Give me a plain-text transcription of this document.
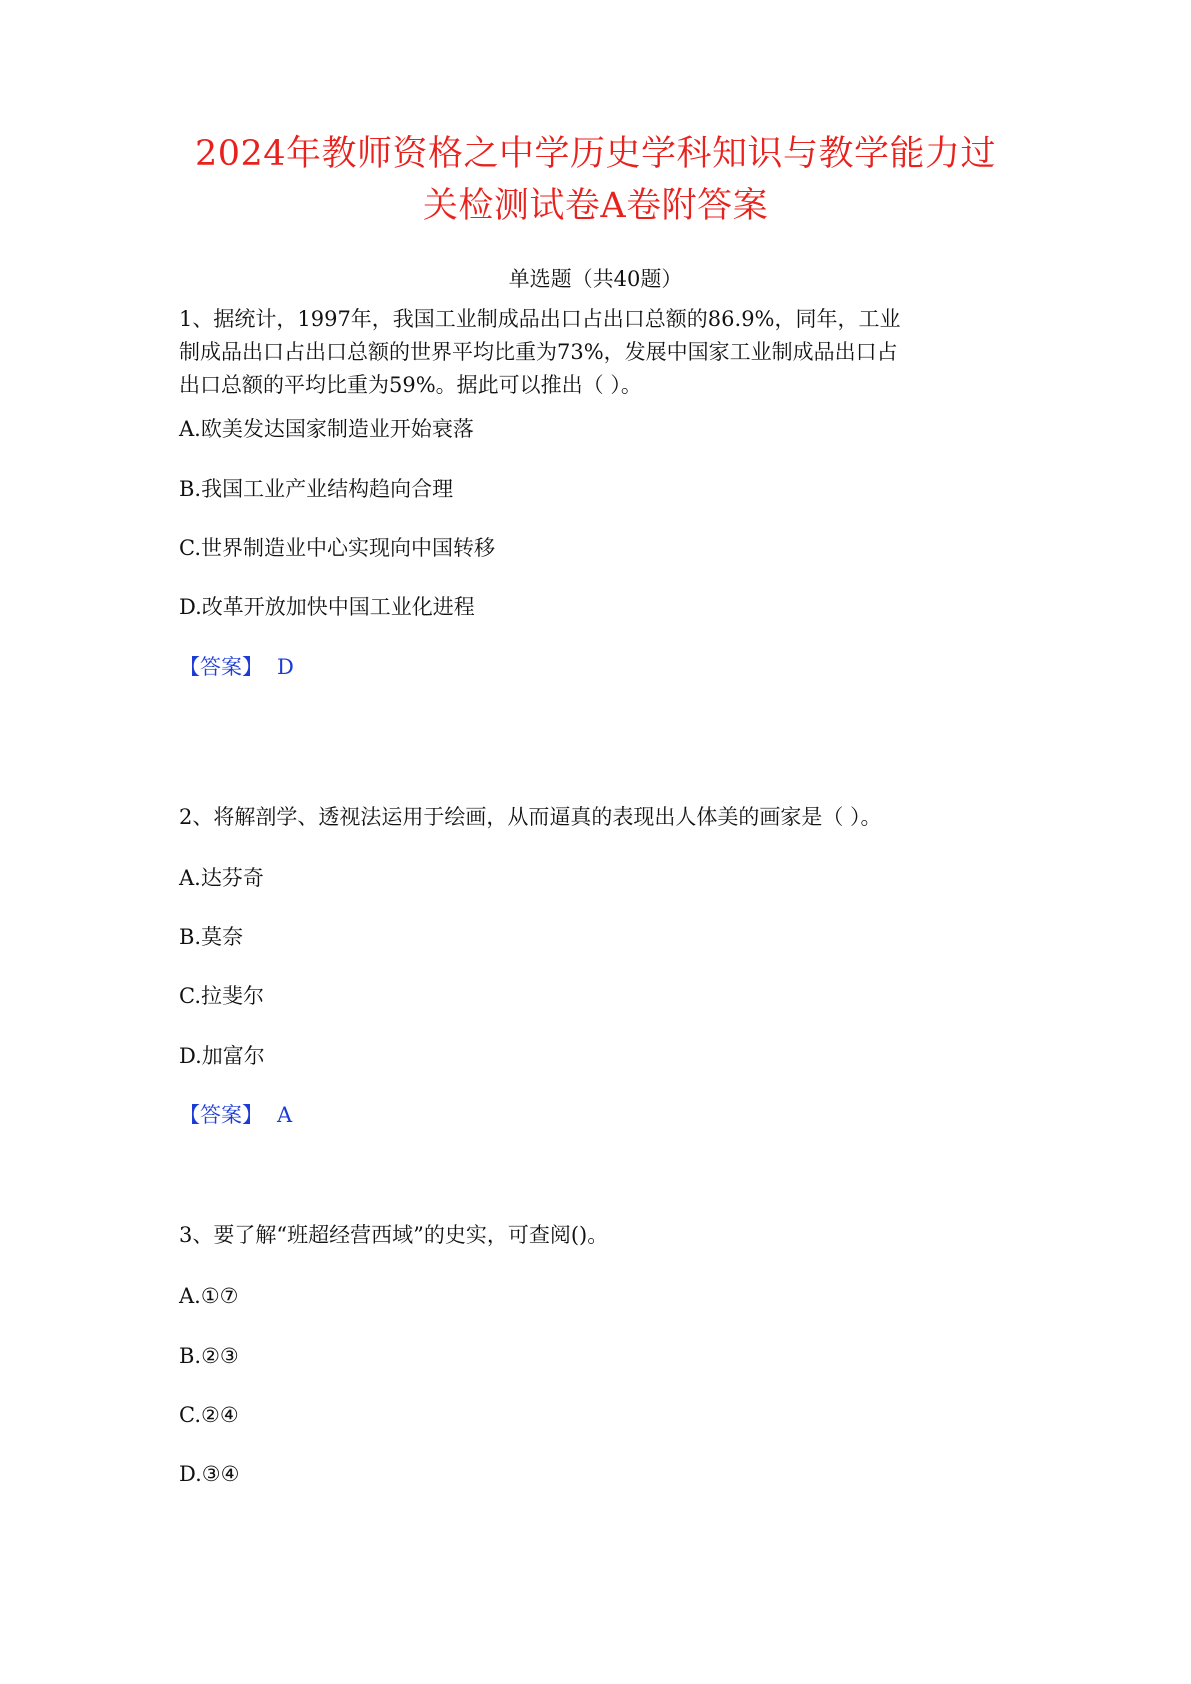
2024年教师资格之中学历史学科知识与教学能力过
关检测试卷A卷附答案
单选题（共40题）
1、据统计，1997年，我国工业制成品出口占出口总额的86.9%，同年，工业
制成品出口占出口总额的世界平均比重为73%，发展中国家工业制成品出口占
出口总额的平均比重为59%。据此可以推出（ ）。
A.欧美发达国家制造业开始衰落
B.我国工业产业结构趋向合理
C.世界制造业中心实现向中国转移
D.改革开放加快中国工业化进程
【答案】 D
2、将解剖学、透视法运用于绘画，从而逼真的表现出人体美的画家是（ ）。
A.达芬奇
B.莫奈
C.拉斐尔
D.加富尔
【答案】 A
3、要了解“班超经营西域”的史实，可查阅()。
A.①⑦
B.②③
C.②④
D.③④
